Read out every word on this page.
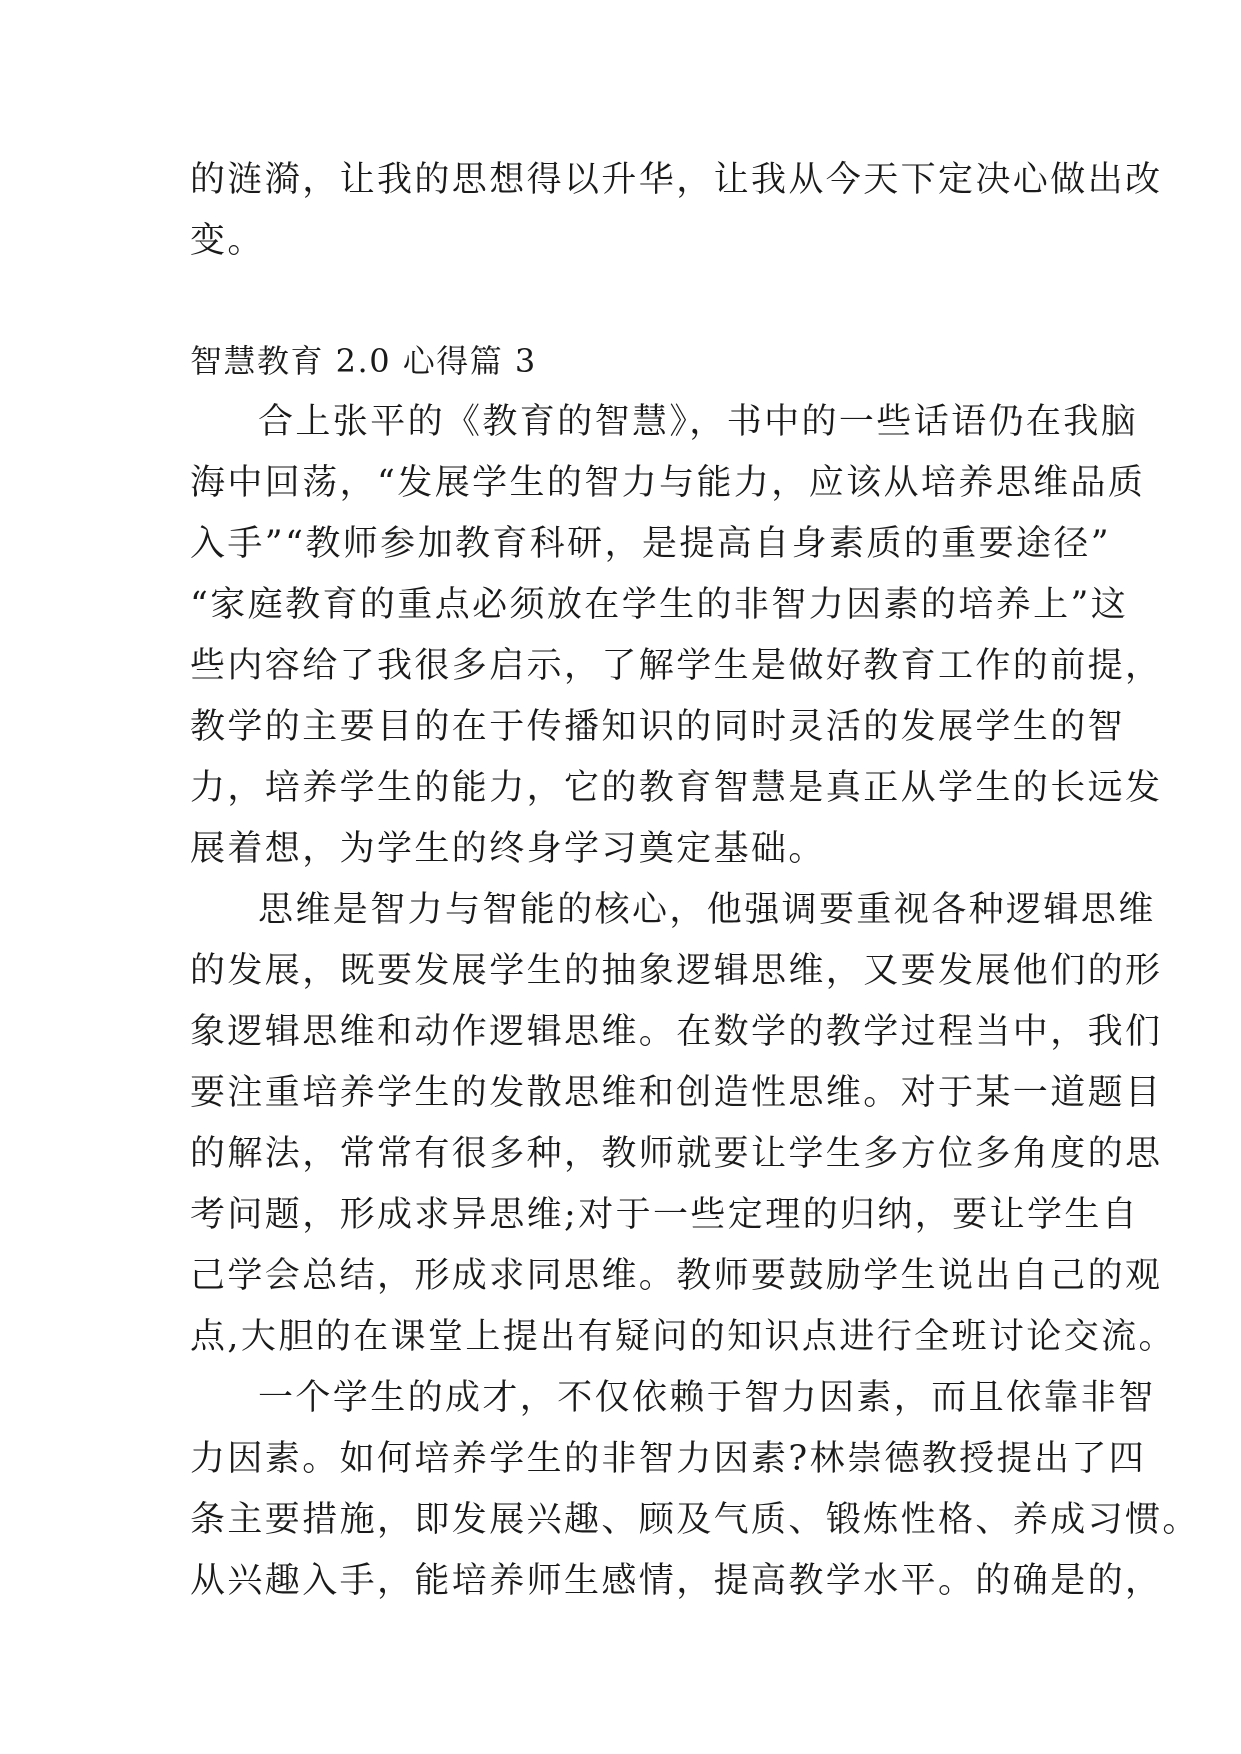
的涟漪，让我的思想得以升华，让我从今天下定决心做出改
变。
智慧教育 2.0 心得篇 3
合上张平的《教育的智慧》，书中的一些话语仍在我脑
海中回荡，“发展学生的智力与能力，应该从培养思维品质
入手”“教师参加教育科研，是提高自身素质的重要途径”
“家庭教育的重点必须放在学生的非智力因素的培养上”这
些内容给了我很多启示，了解学生是做好教育工作的前提，
教学的主要目的在于传播知识的同时灵活的发展学生的智
力，培养学生的能力，它的教育智慧是真正从学生的长远发
展着想，为学生的终身学习奠定基础。
思维是智力与智能的核心，他强调要重视各种逻辑思维
的发展，既要发展学生的抽象逻辑思维，又要发展他们的形
象逻辑思维和动作逻辑思维。在数学的教学过程当中，我们
要注重培养学生的发散思维和创造性思维。对于某一道题目
的解法，常常有很多种，教师就要让学生多方位多角度的思
考问题，形成求异思维;对于一些定理的归纳，要让学生自
己学会总结，形成求同思维。教师要鼓励学生说出自己的观
点,大胆的在课堂上提出有疑问的知识点进行全班讨论交流。
一个学生的成才，不仅依赖于智力因素，而且依靠非智
力因素。如何培养学生的非智力因素?林崇德教授提出了四
条主要措施，即发展兴趣、顾及气质、锻炼性格、养成习惯。
从兴趣入手，能培养师生感情，提高教学水平。的确是的，
